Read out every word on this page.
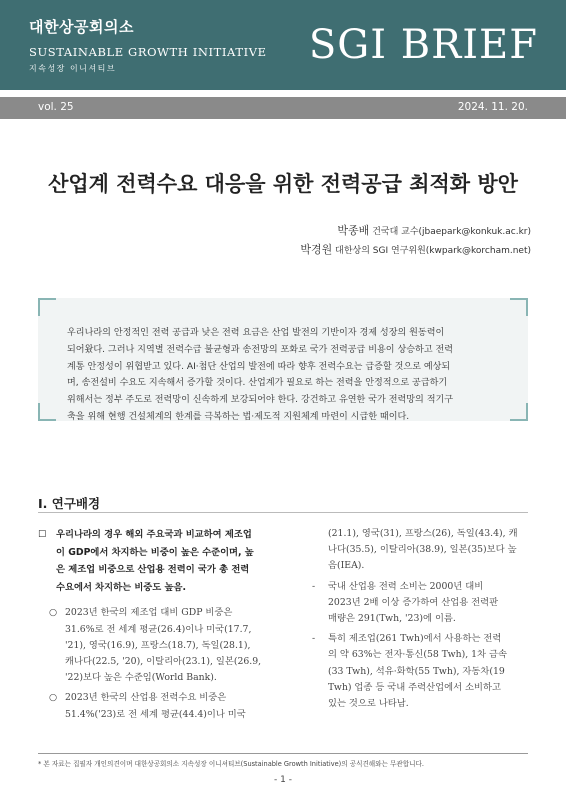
대한상공회의소
SUSTAINABLE GROWTH INITIATIVE
지속성장 이니셔티브
SGI BRIEF
vol. 25	2024. 11. 20.
산업계 전력수요 대응을 위한 전력공급 최적화 방안
박종배 건국대 교수(jbaepark@konkuk.ac.kr)
박경원 대한상의 SGI 연구위원(kwpark@korcham.net)
우리나라의 안정적인 전력 공급과 낮은 전력 요금은 산업 발전의 기반이자 경제 성장의 원동력이
되어왔다. 그러나 지역별 전력수급 불균형과 송전망의 포화로 국가 전력공급 비용이 상승하고 전력
계통 안정성이 위협받고 있다. AI·첨단 산업의 발전에 따라 향후 전력수요는 급증할 것으로 예상되
며, 송전설비 수요도 지속해서 증가할 것이다. 산업계가 필요로 하는 전력을 안정적으로 공급하기
위해서는 정부 주도로 전력망이 신속하게 보강되어야 한다. 강건하고 유연한 국가 전력망의 적기구
축을 위해 현행 건설체계의 한계를 극복하는 법·제도적 지원체계 마련이 시급한 때이다.
Ⅰ. 연구배경
☐ 우리나라의 경우 해외 주요국과 비교하여 제조업
이 GDP에서 차지하는 비중이 높은 수준이며, 높
은 제조업 비중으로 산업용 전력이 국가 총 전력
수요에서 차지하는 비중도 높음.
○ 2023년 한국의 제조업 대비 GDP 비중은
31.6%로 전 세계 평균(26.4)이나 미국(17.7,
'21), 영국(16.9), 프랑스(18.7), 독일(28.1),
캐나다(22.5, '20), 이탈리아(23.1), 일본(26.9,
'22)보다 높은 수준임(World Bank).
○ 2023년 한국의 산업용 전력수요 비중은
51.4%('23)로 전 세계 평균(44.4)이나 미국
(21.1), 영국(31), 프랑스(26), 독일(43.4), 캐
나다(35.5), 이탈리아(38.9), 일본(35)보다 높
음(IEA).
- 국내 산업용 전력 소비는 2000년 대비
2023년 2배 이상 증가하여 산업용 전력판
매량은 291(Twh, '23)에 이름.
- 특히 제조업(261 Twh)에서 사용하는 전력
의 약 63%는 전자·통신(58 Twh), 1차 금속
(33 Twh), 석유·화학(55 Twh), 자동차(19
Twh) 업종 등 국내 주력산업에서 소비하고
있는 것으로 나타남.
* 본 자료는 집필자 개인의견이며 대한상공회의소 지속성장 이니셔티브(Sustainable Growth Initiative)의 공식견해와는 무관합니다.
- 1 -
